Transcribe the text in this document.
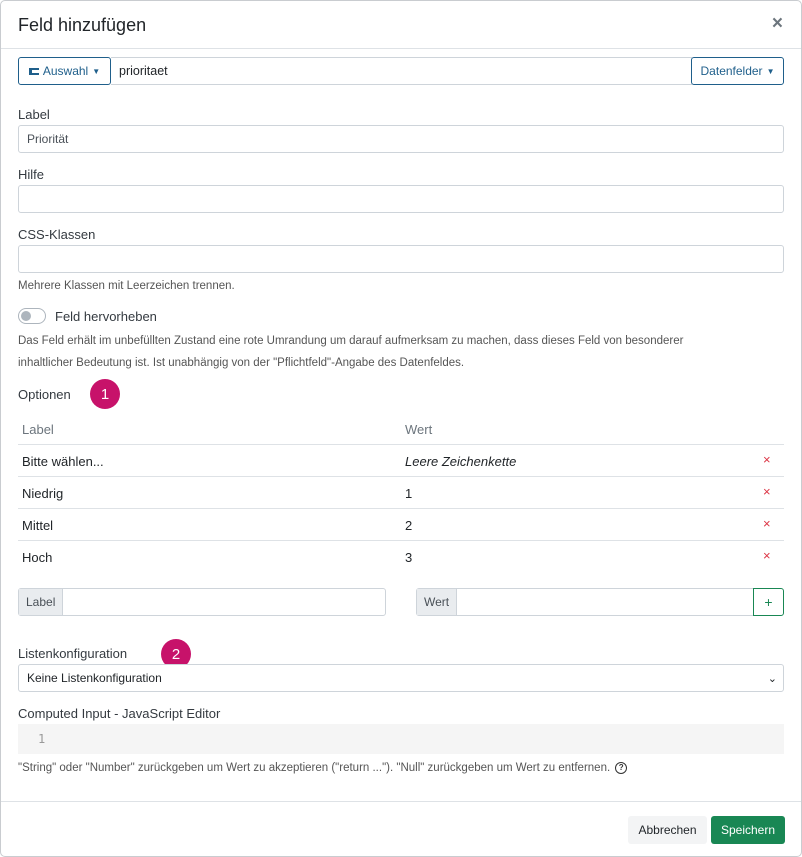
Feld hinzufügen	×
Auswahl ▼	prioritaet	Datenfelder ▼
Label
Priorität
Hilfe
CSS-Klassen
Mehrere Klassen mit Leerzeichen trennen.
Feld hervorheben
Das Feld erhält im unbefüllten Zustand eine rote Umrandung um darauf aufmerksam zu machen, dass dieses Feld von besonderer
inhaltlicher Bedeutung ist. Ist unabhängig von der "Pflichtfeld"-Angabe des Datenfeldes.
Optionen	1
Label	Wert
Bitte wählen...	Leere Zeichenkette	×
Niedrig	1	×
Mittel	2	×
Hoch	3	×
Label	Wert	+
Listenkonfiguration	2
Keine Listenkonfiguration	⌄
Computed Input - JavaScript Editor
1
"String" oder "Number" zurückgeben um Wert zu akzeptieren ("return ..."). "Null" zurückgeben um Wert zu entfernen.	?
Abbrechen	Speichern
